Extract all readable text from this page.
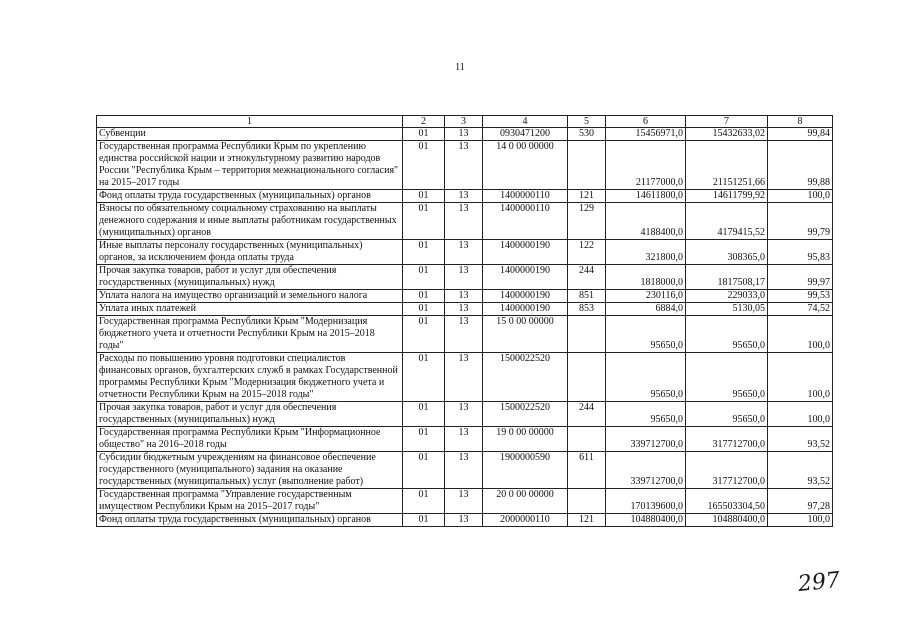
11
1	2	3	4	5	6	7	8
Субвенции	01	13	0930471200	530	15456971,0	15432633,02	99,84
Государственная программа Республики Крым по укреплению единства российской нации и этнокультурному развитию народов России "Республика Крым – территория межнационального согласия" на 2015–2017 годы	01	13	14 0 00 00000		21177000,0	21151251,66	99,88
Фонд оплаты труда государственных (муниципальных) органов	01	13	1400000110	121	14611800,0	14611799,92	100,0
Взносы по обязательному социальному страхованию на выплаты денежного содержания и иные выплаты работникам государственных (муниципальных) органов	01	13	1400000110	129	4188400,0	4179415,52	99,79
Иные выплаты персоналу государственных (муниципальных) органов, за исключением фонда оплаты труда	01	13	1400000190	122	321800,0	308365,0	95,83
Прочая закупка товаров, работ и услуг для обеспечения государственных (муниципальных) нужд	01	13	1400000190	244	1818000,0	1817508,17	99,97
Уплата налога на имущество организаций и земельного налога	01	13	1400000190	851	230116,0	229033,0	99,53
Уплата иных платежей	01	13	1400000190	853	6884,0	5130,05	74,52
Государственная программа Республики Крым "Модернизация бюджетного учета и отчетности Республики Крым на 2015–2018 годы"	01	13	15 0 00 00000		95650,0	95650,0	100,0
Расходы по повышению уровня подготовки специалистов финансовых органов, бухгалтерских служб в рамках Государственной программы Республики Крым "Модернизация бюджетного учета и отчетности Республики Крым на 2015–2018 годы"	01	13	1500022520		95650,0	95650,0	100,0
Прочая закупка товаров, работ и услуг для обеспечения государственных (муниципальных) нужд	01	13	1500022520	244	95650,0	95650,0	100,0
Государственная программа Республики Крым "Информационное общество" на 2016–2018 годы	01	13	19 0 00 00000		339712700,0	317712700,0	93,52
Субсидии бюджетным учреждениям на финансовое обеспечение государственного (муниципального) задания на оказание государственных (муниципальных) услуг (выполнение работ)	01	13	1900000590	611	339712700,0	317712700,0	93,52
Государственная программа "Управление государственным имуществом Республики Крым на 2015–2017 годы"	01	13	20 0 00 00000		170139600,0	165503304,50	97,28
Фонд оплаты труда государственных (муниципальных) органов	01	13	2000000110	121	104880400,0	104880400,0	100,0
297
